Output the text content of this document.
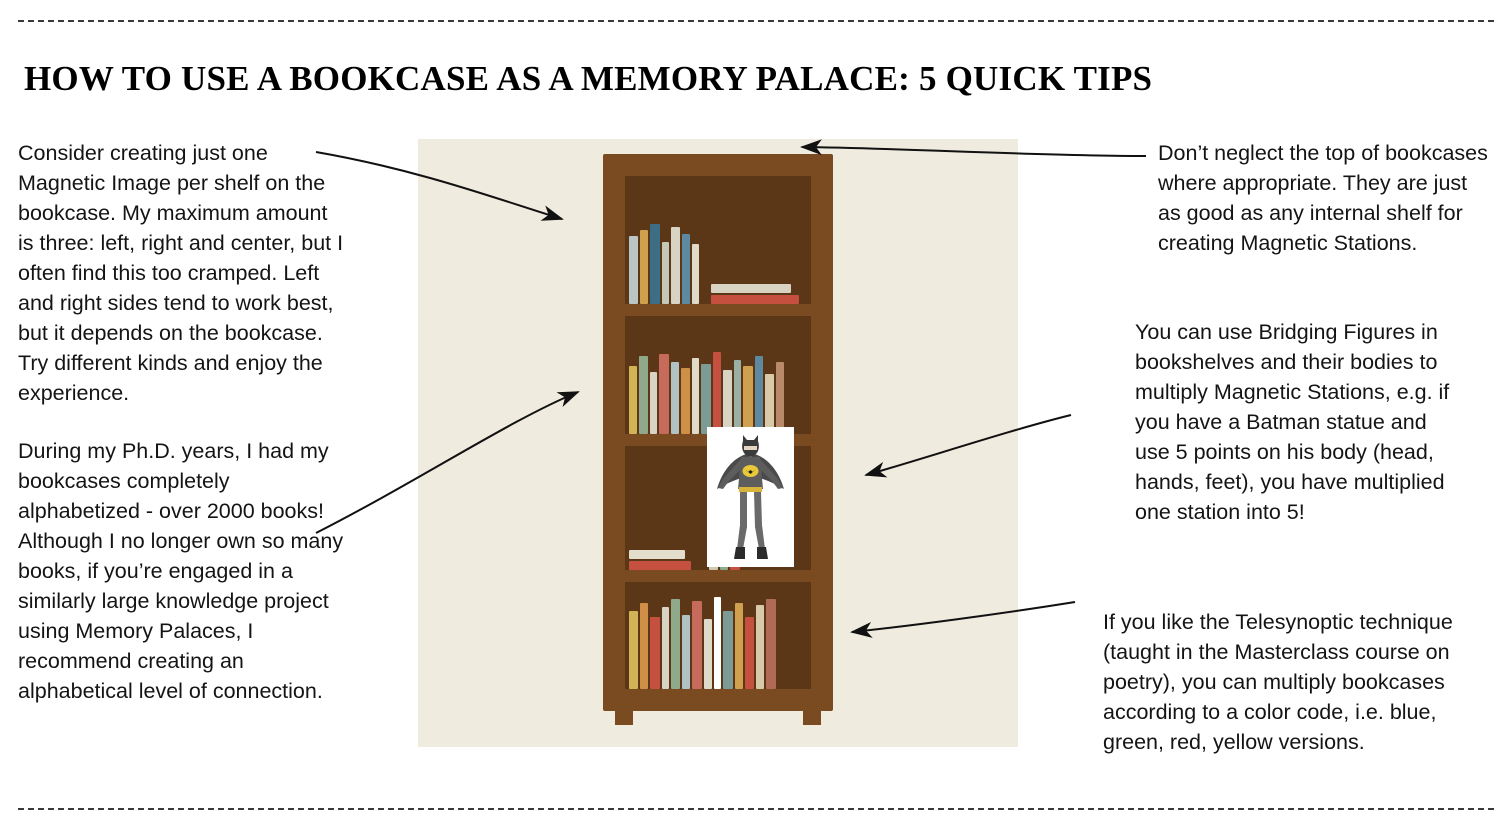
HOW TO USE A BOOKCASE AS A MEMORY PALACE: 5 QUICK TIPS

Consider creating just one Magnetic Image per shelf on the bookcase. My maximum amount is three: left, right and center, but I often find this too cramped. Left and right sides tend to work best, but it depends on the bookcase. Try different kinds and enjoy the experience.

During my Ph.D. years, I had my bookcases completely alphabetized - over 2000 books! Although I no longer own so many books, if you’re engaged in a similarly large knowledge project using Memory Palaces, I recommend creating an alphabetical level of connection.

Don’t neglect the top of bookcases where appropriate. They are just as good as any internal shelf for creating Magnetic Stations.

You can use Bridging Figures in bookshelves and their bodies to multiply Magnetic Stations, e.g. if you have a Batman statue and use 5 points on his body (head, hands, feet), you have multiplied one station into 5!

If you like the Telesynoptic technique (taught in the Masterclass course on poetry), you can multiply bookcases according to a color code, i.e. blue, green, red, yellow versions.
